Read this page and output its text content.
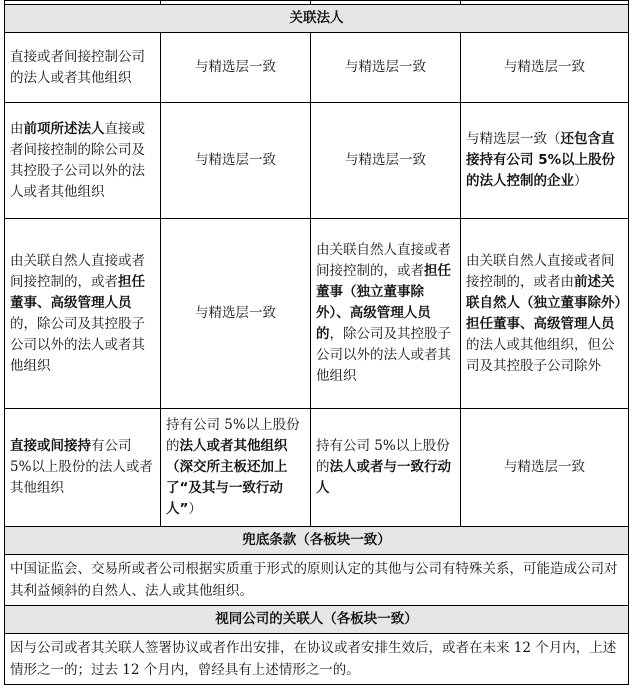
关联法人			
直接或者间接控制公司的法人或者其他组织	与精选层一致	与精选层一致	与精选层一致
由前项所述法人直接或者间接控制的除公司及其控股子公司以外的法人或者其他组织	与精选层一致	与精选层一致	与精选层一致（还包含直接持有公司 5%以上股份的法人控制的企业）
由关联自然人直接或者间接控制的，或者担任董事、高级管理人员的，除公司及其控股子公司以外的法人或者其他组织	与精选层一致	由关联自然人直接或者间接控制的，或者担任董事（独立董事除外）、高级管理人员的，除公司及其控股子公司以外的法人或者其他组织	由关联自然人直接或者间接控制的，或者由前述关联自然人（独立董事除外）担任董事、高级管理人员的法人或其他组织，但公司及其控股子公司除外
直接或间接持有公司 5%以上股份的法人或者其他组织	持有公司 5%以上股份的法人或者其他组织（深交所主板还加上了“及其与一致行动人”）	持有公司 5%以上股份的法人或者与一致行动人	与精选层一致
兜底条款（各板块一致）			
中国证监会、交易所或者公司根据实质重于形式的原则认定的其他与公司有特殊关系，可能造成公司对其利益倾斜的自然人、法人或其他组织。			
视同公司的关联人（各板块一致）			
因与公司或者其关联人签署协议或者作出安排，在协议或者安排生效后，或者在未来 12 个月内，上述情形之一的；过去 12 个月内，曾经具有上述情形之一的。			
